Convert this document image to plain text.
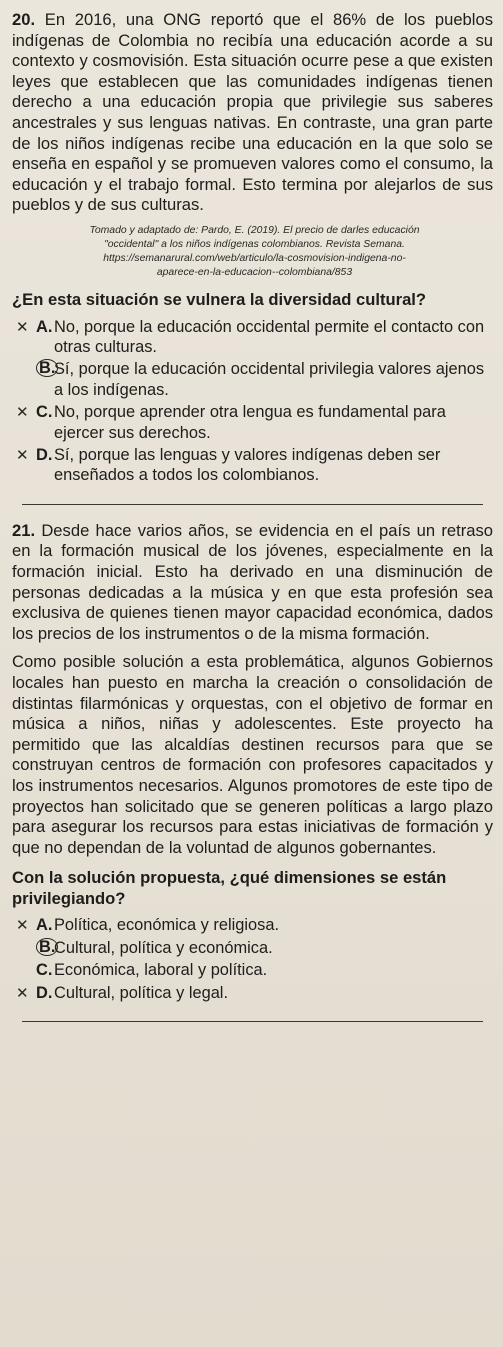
20. En 2016, una ONG reportó que el 86% de los pueblos indígenas de Colombia no recibía una educación acorde a su contexto y cosmovisión. Esta situación ocurre pese a que existen leyes que establecen que las comunidades indígenas tienen derecho a una educación propia que privilegie sus saberes ancestrales y sus lenguas nativas. En contraste, una gran parte de los niños indígenas recibe una educación en la que solo se enseña en español y se promueven valores como el consumo, la educación y el trabajo formal. Esto termina por alejarlos de sus pueblos y de sus culturas.

Tomado y adaptado de: Pardo, E. (2019). El precio de darles educación
"occidental" a los niños indígenas colombianos. Revista Semana.
https://semanarural.com/web/articulo/la-cosmovision-indigena-no-
aparece-en-la-educacion--colombiana/853

¿En esta situación se vulnera la diversidad cultural?

✕ A. No, porque la educación occidental permite el contacto con otras culturas.
B.
Sí, porque la educación occidental privilegia valores ajenos a los indígenas.
✕ C. No, porque aprender otra lengua es fundamental para ejercer sus derechos.
✕ D. Sí, porque las lenguas y valores indígenas deben ser enseñados a todos los colombianos.

21. Desde hace varios años, se evidencia en el país un retraso en la formación musical de los jóvenes, especialmente en la formación inicial. Esto ha derivado en una disminución de personas dedicadas a la música y en que esta profesión sea exclusiva de quienes tienen mayor capacidad económica, dados los precios de los instrumentos o de la misma formación.

Como posible solución a esta problemática, algunos Gobiernos locales han puesto en marcha la creación o consolidación de distintas filarmónicas y orquestas, con el objetivo de formar en música a niños, niñas y adolescentes. Este proyecto ha permitido que las alcaldías destinen recursos para que se construyan centros de formación con profesores capacitados y los instrumentos necesarios. Algunos promotores de este tipo de proyectos han solicitado que se generen políticas a largo plazo para asegurar los recursos para estas iniciativas de formación y que no dependan de la voluntad de algunos gobernantes.

Con la solución propuesta, ¿qué dimensiones se están privilegiando?

✕ A. Política, económica y religiosa.
B.
Cultural, política y económica.
C. Económica, laboral y política.
✕ D. Cultural, política y legal.
